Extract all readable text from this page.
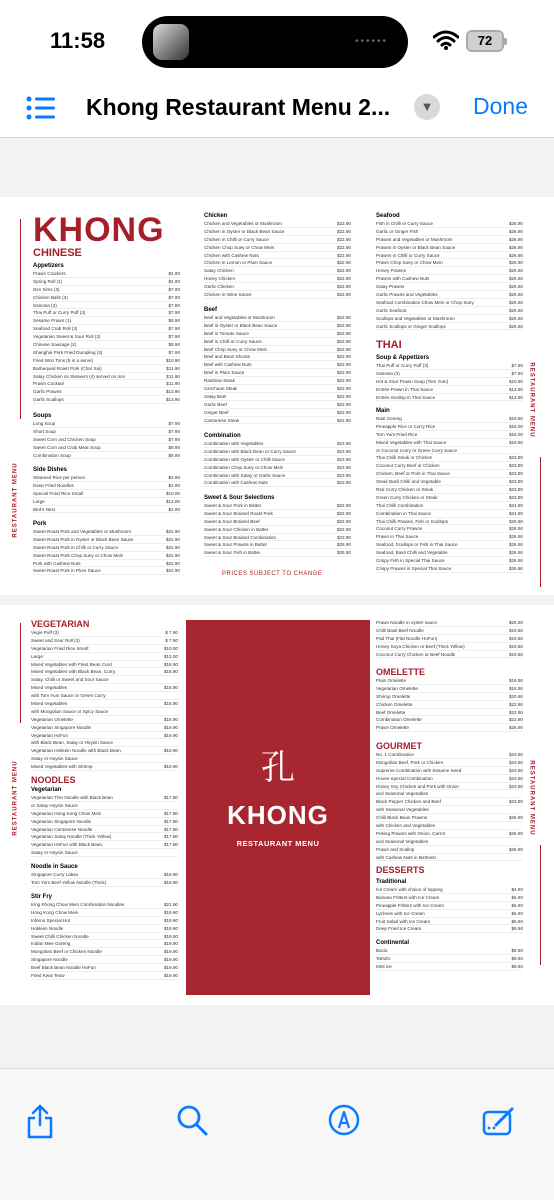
11:58	••••••	72
Khong Restaurant Menu 2...	▼ Done
RESTAURANT MENU
RESTAURANT MENU
KHONG
CHINESE
Appetizers
Prawn Crackers	$4.90
Spring Roll (1)	$4.90
Dim Sims (3)	$7.90
Chicken Balls (3)	$7.90
Samosa (3)	$7.90
Thai Puff or Curry Puff (3)	$7.90
Sesame Prawn (1)	$6.90
Seafood Crab Roll (3)	$7.90
Vegetarian Sweet & Sour Roll (3)	$7.90
Chinese Sausage (2)	$8.90
Shanghai Pork Fried Dumpling (3)	$7.90
Fried Won Tons (5 in a serve)	$10.90
Barbequed Roast Pork (Char Sui)	$11.90
Satay Chicken on Skewers (4) served on rice	$11.90
Prawn Cocktail	$11.90
Garlic Prawns	$13.90
Garlic Scallops	$13.90
Soups
Long Soup	$7.90
Short Soup	$7.90
Sweet Corn and Chicken Soup	$7.90
Sweet Corn and Crab Meat Soup	$8.90
Combination Soup	$8.90
Side Dishes
Steamed Rice per person	$4.90
Deep Fried Noodles	$4.90
Special Fried Rice Small	$10.00
Large	$12.00
Bird's Nest	$4.90
Pork
Sweet Roast Pork and Vegetables or Mushroom	$22.90
Sweet Roast Pork in Oyster or Black Bean Sauce	$22.90
Sweet Roast Pork in Chilli or Curry Sauce	$22.90
Sweet Roast Pork Chop Suey or Chow Mein	$22.90
Pork with Cashew Nuts	$22.90
Sweet Roast Pork in Plum Sauce	$22.90
Chicken
Chicken and Vegetables or Mushroom	$22.90
Chicken in Oyster or Black Bean Sauce	$22.90
Chicken in Chilli or Curry Sauce	$22.90
Chicken Chop Suey or Chow Mein	$22.90
Chicken with Cashew Nuts	$22.90
Chicken in Lemon or Plum Sauce	$22.90
Satay Chicken	$22.90
Honey Chicken	$22.90
Garlic Chicken	$22.90
Chicken in Wine Sauce	$22.90
Beef
Beef and Vegetables or Mushroom	$22.90
Beef in Oyster or Black Bean Sauce	$22.90
Beef in Tomato Sauce	$22.90
Beef in Chilli or Curry Sauce	$22.90
Beef Chop Suey or Chow Mein	$22.90
Beef and Bean Shoots	$22.90
Beef with Cashew Nuts	$22.90
Beef in Plum Sauce	$22.90
Rainbow Steak	$22.90
Szechuan Steak	$22.90
Satay Beef	$22.90
Garlic Beef	$22.90
Ginger Beef	$22.90
Cantonese Steak	$22.90
Combination
Combination with Vegetables	$23.90
Combination with Black Bean or Curry Sauce	$23.90
Combination with Oyster or Chilli Sauce	$23.90
Combination Chop Suey or Chow Mein	$23.90
Combination with Satay or Garlic Sauce	$23.90
Combination with Cashew Nuts	$23.90
Sweet & Sour Selections
Sweet & Sour Pork in Batter	$22.90
Sweet & Sour Braised Roast Pork	$22.90
Sweet & Sour Braised Beef	$22.90
Sweet & Sour Chicken in Batter	$22.90
Sweet & Sour Braised Combination	$23.90
Sweet & Sour Prawns in Batter	$26.90
Sweet & Sour Fish in Batter	$26.90
PRICES SUBJECT TO CHANGE
Seafood
Fish in Chilli or Curry Sauce	$26.90
Garlic or Ginger Fish	$26.90
Prawns and Vegetables or Mushroom	$26.90
Prawns in Oyster or Black Bean Sauce	$26.90
Prawns in Chilli or Curry Sauce	$26.90
Prawn Chop Suey or Chow Mein	$26.90
Honey Prawns	$26.90
Prawns with Cashew Nuts	$26.90
Satay Prawns	$26.90
Garlic Prawns and Vegetables	$26.90
Seafood Combination Chow Mein or Chop Suey	$26.90
Garlic Seafood	$26.90
Scallops and Vegetables or Mushroom	$26.90
Garlic Scallops or Ginger Scallops	$26.90
THAI
Soup & Appetizers
Thai Puff or Curry Puff (3)	$7.90
Samosa (3)	$7.90
Hot & Sour Prawn Soup (Tom Yum)	$10.90
Entrée Prawn in Thai Sauce	$13.90
Entrée Scallop in Thai Sauce	$13.90
Main
Nasi Goreng	$19.90
Pineapple Rice or Curry Rice	$15.00
Tom Yum Fried Rice	$15.00
Mixed Vegetables with Thai Sauce	$18.90
or Coconut Curry or Green Curry Sauce
Thai Chilli Steak or Chicken	$23.90
Coconut Curry Beef or Chicken	$23.90
Chicken, Beef or Pork in Thai Sauce	$23.90
Steak Basil Chilli and Vegetable	$23.90
Red Curry Chicken or Steak	$23.90
Green Curry Chicken or Steak	$23.90
Thai Chilli Combination	$24.90
Combination in Thai Sauce	$24.90
Thai Chilli Prawns, Fish or Scallops	$26.90
Coconut Curry Prawns	$26.90
Prawn in Thai Sauce	$26.90
Seafood, Scallops or Fish in Thai Sauce	$26.90
Seafood, Basil Chilli and Vegetable	$26.90
Crispy Fish in Special Thai Sauce	$26.90
Crispy Prawns in Special Thai Sauce	$26.90
RESTAURANT MENU	RESTAURANT MENU
VEGETARIAN
Vegie Puff (3)	$ 7.90
Sweet and Sour Roll (3)	$ 7.90
Vegetarian Fried Rice Small:	$10.00
Large:	$12.00
Mixed Vegetables with Fried Bean Curd	$18.90
Mixed Vegetables with Black Bean, Curry,	$18.90
Satay, Chilli or Sweet and Sour Sauce
Mixed Vegetables	$18.90
with Tom Yum Sauce or Green Curry
Mixed Vegetables	$18.90
with Mongolian Sauce or Spicy Sauce
Vegetarian Omelette	$18.90
Vegetarian Singapore Noodle	$18.90
Vegetarian HoFun	$18.90
with Black Bean, Satay or Hoysin Sauce
Vegetarian Hokkein Noodle with Black Bean,	$18.90
Satay or Hoysin Sauce
Mixed Vegetables with Shrimp	$19.90
NOODLES
Vegetarian
Vegetarian Thin Noodle with Black Bean	$17.90
or Satay Hoysin Sauce
Vegetarian Hong Kong Chow Mein	$17.90
Vegetarian Singapore Noodle	$17.90
Vegetarian Cantonese Noodle	$17.90
Vegetarian Satay Noodle (Thick Yellow)	$17.90
Vegetarian HoFun with Black Bean,	$17.90
Satay or Hoysin Sauce
Noodle in Sauce
Singapore Curry Laksa	$19.90
Tom Yum Beef Yellow Noodle (Thick)	$18.90
Stir Fry
King Khong Chow Mein Combination Noodles	$21.90
Hong Kong Chow Mein	$19.90
Inferno Special Hot	$19.90
Hokkien Noodle	$19.90
Sweet Chilli Chicken Noodle	$19.90
Indian Mee Goreng	$19.90
Mongolian Beef or Chicken Noodle	$19.90
Singapore Noodle	$19.90
Beef Black Bean Noodle HoFun	$19.90
Fried Kwai Teow	$19.90
孔
KHONG
RESTAURANT MENU
Prawn Noodle in oyster sauce	$25.90
Chilli Basil Beef Noodle	$19.90
Pad Thai (Flat Noodle HoFun)	$19.90
Honey Soya Chicken or Beef (Thick Yellow)	$19.90
Coconut Curry Chicken or Beef Noodle	$19.90
OMELETTE
Plain Omelette	$16.90
Vegetarian Omelette	$18.90
Shrimp Omelette	$20.90
Chicken Omelette	$22.90
Beef Omelette	$22.90
Combination Omelette	$23.90
Prawn Omelette	$26.90
GOURMET
No. 1 Combination	$23.90
Mongolian Beef, Pork or Chicken	$23.90
Supreme Combination with Sesame Seed	$23.90
House Special Combination	$23.90
Honey Soy Chicken and Pork with Onion	$23.90
and Seasonal Vegetables
Black Pepper Chicken and Beef	$23.90
with Seasonal Vegetables
Chilli Black Bean Prawns	$26.90
with Chicken and Vegetables
Peking Prawns with Onion, Carrot	$26.90
and Seasonal Vegetables
Prawn and Scallop	$26.90
with Cashew Nuts in Birdnest
DESSERTS
Traditional
Ice Cream with choice of topping	$4.90
Banana Fritters with Ice Cream	$6.90
Pineapple Fritters with Ice Cream	$6.90
Lychees with Ice Cream	$6.90
Fruit Salad with Ice Cream	$6.90
Deep Fried Ice Cream	$6.90
Continental
Bacio	$8.90
Tartufo	$8.90
Mint ice	$8.90
